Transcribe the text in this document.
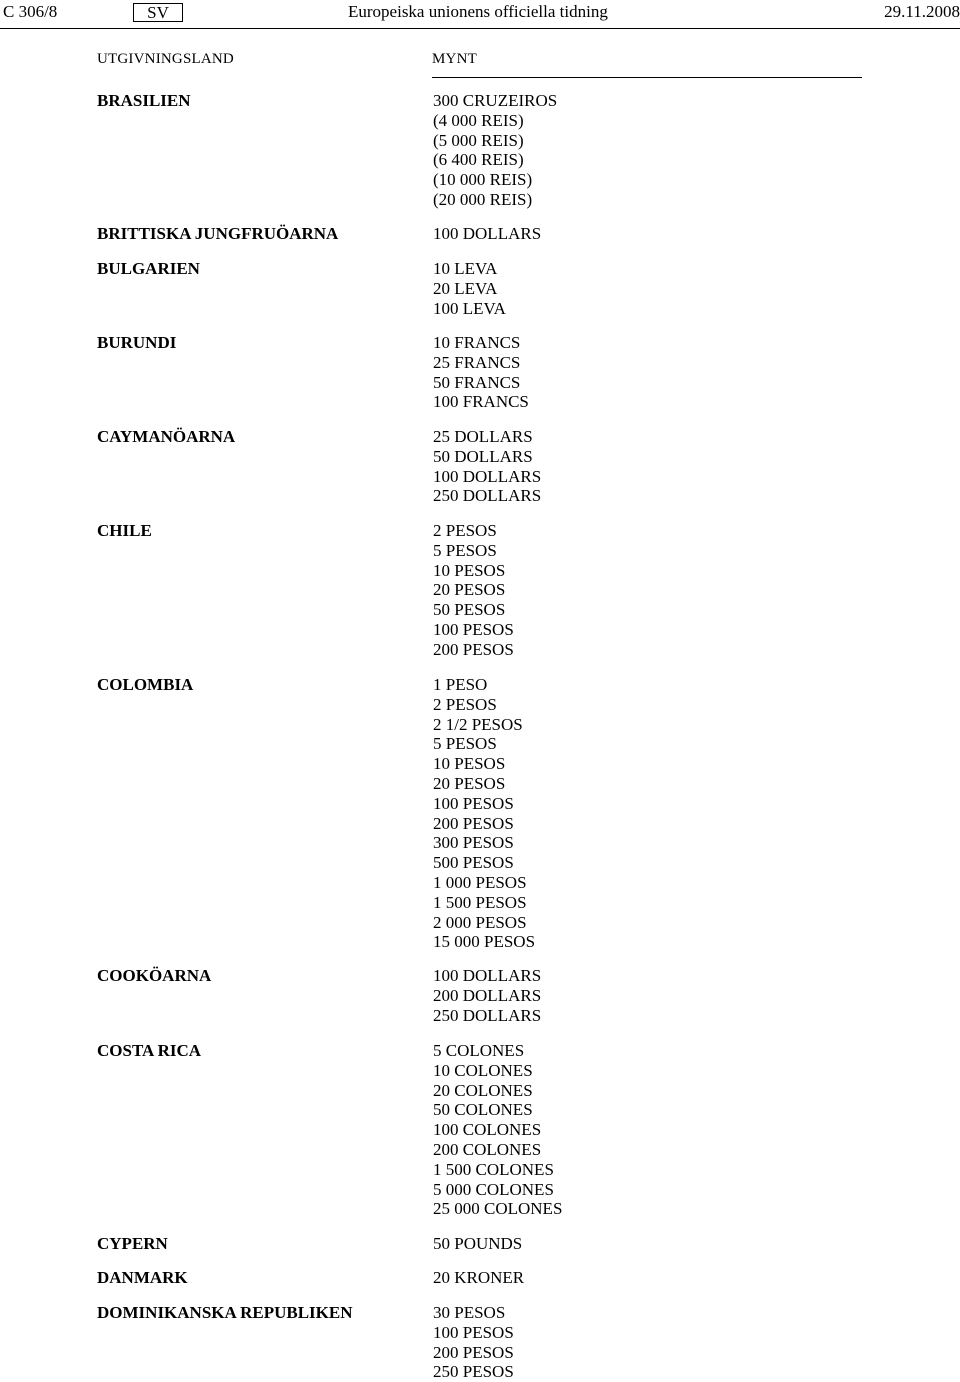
C 306/8	SV	Europeiska unionens officiella tidning	29.11.2008
UTGIVNINGSLAND	MYNT
BRASILIEN	300 CRUZEIROS
(4 000 REIS)
(5 000 REIS)
(6 400 REIS)
(10 000 REIS)
(20 000 REIS)
BRITTISKA JUNGFRUÖARNA	100 DOLLARS
BULGARIEN	10 LEVA
20 LEVA
100 LEVA
BURUNDI	10 FRANCS
25 FRANCS
50 FRANCS
100 FRANCS
CAYMANÖARNA	25 DOLLARS
50 DOLLARS
100 DOLLARS
250 DOLLARS
CHILE	2 PESOS
5 PESOS
10 PESOS
20 PESOS
50 PESOS
100 PESOS
200 PESOS
COLOMBIA	1 PESO
2 PESOS
2 1/2 PESOS
5 PESOS
10 PESOS
20 PESOS
100 PESOS
200 PESOS
300 PESOS
500 PESOS
1 000 PESOS
1 500 PESOS
2 000 PESOS
15 000 PESOS
COOKÖARNA	100 DOLLARS
200 DOLLARS
250 DOLLARS
COSTA RICA	5 COLONES
10 COLONES
20 COLONES
50 COLONES
100 COLONES
200 COLONES
1 500 COLONES
5 000 COLONES
25 000 COLONES
CYPERN	50 POUNDS
DANMARK	20 KRONER
DOMINIKANSKA REPUBLIKEN	30 PESOS
100 PESOS
200 PESOS
250 PESOS
